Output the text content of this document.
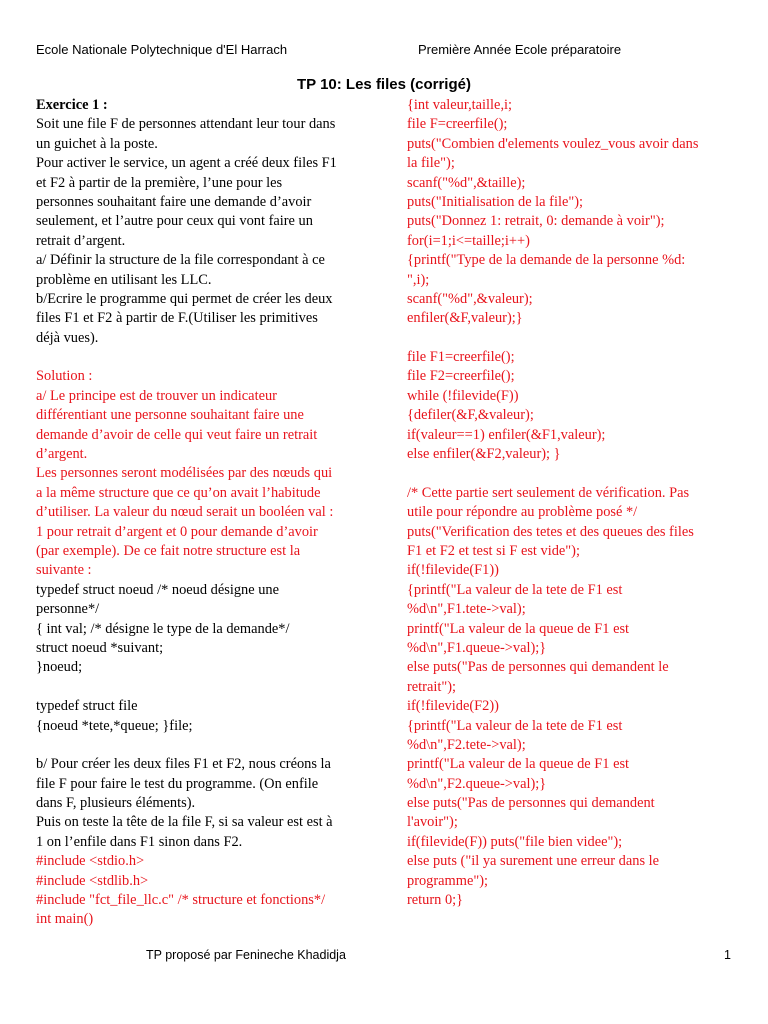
Ecole Nationale Polytechnique d'El Harrach	Première Année Ecole préparatoire
TP 10: Les files (corrigé)
Exercice 1 :
Soit une file F de personnes attendant leur tour dans
un guichet à la poste.
Pour activer le service, un agent a créé deux files F1
et F2 à partir de la première, l’une pour les
personnes souhaitant faire une demande d’avoir
seulement, et l’autre pour ceux qui vont faire un
retrait d’argent.
a/ Définir la structure de la file correspondant à ce
problème en utilisant les LLC.
b/Ecrire le programme qui permet de créer les deux
files F1 et F2 à partir de F.(Utiliser les primitives
déjà vues).
Solution :
a/ Le principe est de trouver un indicateur
différentiant une personne souhaitant faire une
demande d’avoir de celle qui veut faire un retrait
d’argent.
Les personnes seront modélisées par des nœuds qui
a la même structure que ce qu’on avait l’habitude
d’utiliser. La valeur du nœud serait un booléen val :
1 pour retrait d’argent et 0 pour demande d’avoir
(par exemple). De ce fait notre structure est la
suivante :
typedef struct noeud /* noeud désigne une
personne*/
{ int val; /* désigne le type de la demande*/
struct noeud *suivant;
}noeud;
typedef struct file
{noeud *tete,*queue; }file;
b/ Pour créer les deux files F1 et F2, nous créons la
file F pour faire le test du programme. (On enfile
dans F, plusieurs éléments).
Puis on teste la tête de la file F, si sa valeur est est à
1 on l’enfile dans F1 sinon dans F2.
#include <stdio.h>
#include <stdlib.h>
#include "fct_file_llc.c" /* structure et fonctions*/
int main()
{int valeur,taille,i;
file F=creerfile();
puts("Combien d'elements voulez_vous avoir dans
la file");
scanf("%d",&taille);
puts("Initialisation de la file");
puts("Donnez 1: retrait, 0: demande à voir");
for(i=1;i<=taille;i++)
{printf("Type de la demande de la personne %d:
",i);
scanf("%d",&valeur);
enfiler(&F,valeur);}
file F1=creerfile();
file F2=creerfile();
while (!filevide(F))
{defiler(&F,&valeur);
if(valeur==1) enfiler(&F1,valeur);
else enfiler(&F2,valeur); }
/* Cette partie sert seulement de vérification. Pas
utile pour répondre au problème posé */
puts("Verification des tetes et des queues des files
F1 et F2 et test si F est vide");
if(!filevide(F1))
{printf("La valeur de la tete de F1 est
%d\n",F1.tete->val);
printf("La valeur de la queue de F1 est
%d\n",F1.queue->val);}
else puts("Pas de personnes qui demandent le
retrait");
if(!filevide(F2))
{printf("La valeur de la tete de F1 est
%d\n",F2.tete->val);
printf("La valeur de la queue de F1 est
%d\n",F2.queue->val);}
else puts("Pas de personnes qui demandent
l'avoir");
if(filevide(F)) puts("file bien videe");
else puts ("il ya surement une erreur dans le
programme");
return 0;}
TP proposé par Fenineche Khadidja	1
